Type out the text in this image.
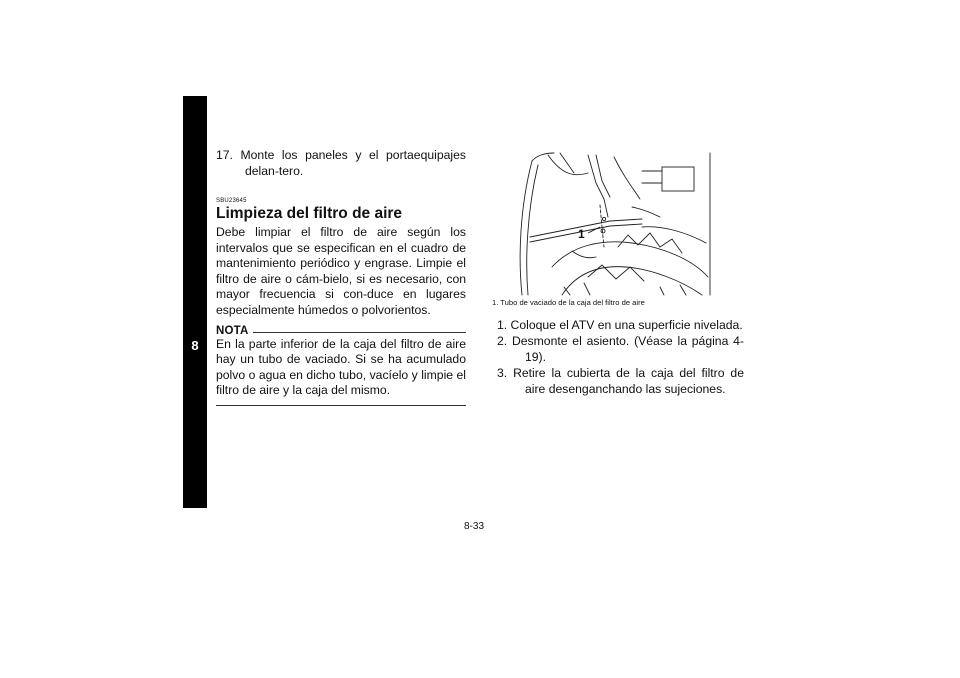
8
17. Monte los paneles y el portaequipajes delan-tero.
SBU23645
Limpieza del filtro de aire
Debe limpiar el filtro de aire según los intervalos que se especifican en el cuadro de mantenimiento periódico y engrase. Limpie el filtro de aire o cám-bielo, si es necesario, con mayor frecuencia si con-duce en lugares especialmente húmedos o polvorientos.
NOTA
En la parte inferior de la caja del filtro de aire hay un tubo de vaciado. Si se ha acumulado polvo o agua en dicho tubo, vacíelo y limpie el filtro de aire y la caja del mismo.
1
1. Tubo de vaciado de la caja del filtro de aire
1. Coloque el ATV en una superficie nivelada.
2. Desmonte el asiento. (Véase la página 4-19).
3. Retire la cubierta de la caja del filtro de aire desenganchando las sujeciones.
8-33
